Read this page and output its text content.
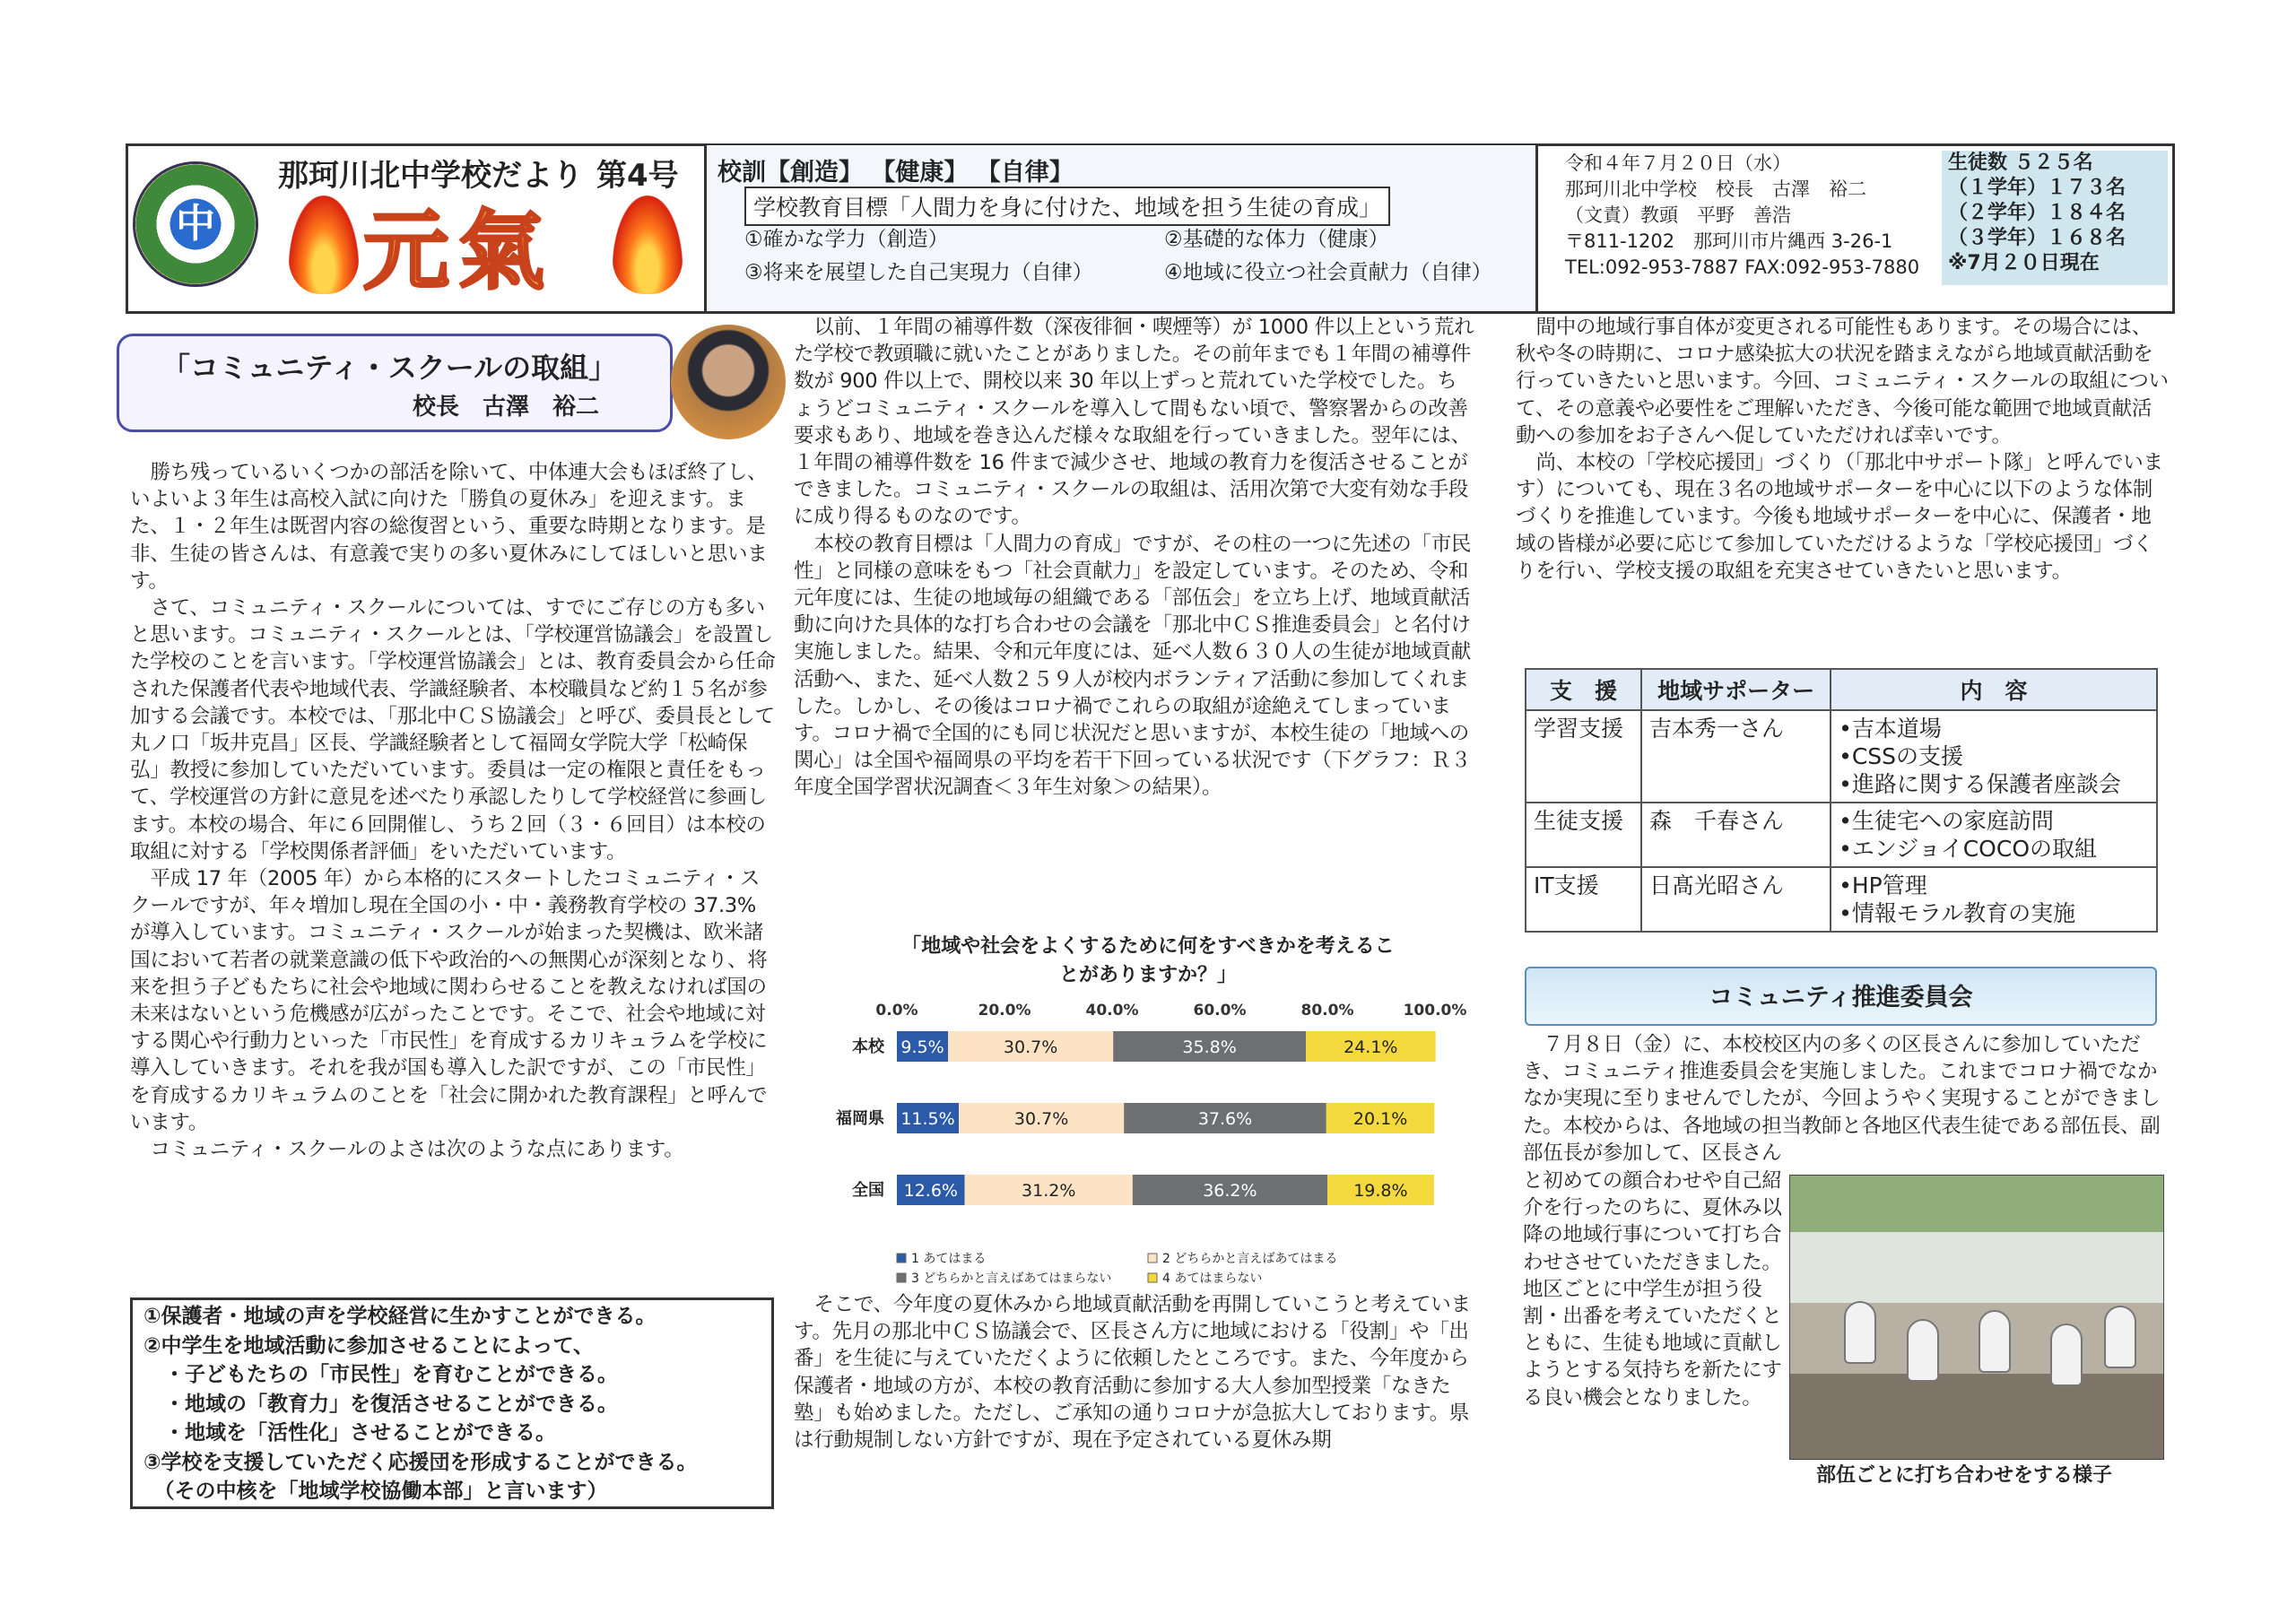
中
那珂川北中学校だより 第4号
元氣
校訓【創造】 【健康】 【自律】
学校教育目標「人間力を身に付けた、地域を担う生徒の育成」
①確かな学力（創造）	②基礎的な体力（健康）
③将来を展望した自己実現力（自律）	④地域に役立つ社会貢献力（自律）
令和４年７月２０日（水）
那珂川北中学校　校長　古澤　裕二
（文責）教頭　平野　善浩
〒811-1202　那珂川市片縄西 3-26-1
TEL:092-953-7887 FAX:092-953-7880
生徒数 ５２５名
（１学年）１７３名
（２学年）１８４名
（３学年）１６８名
※7月２０日現在
「コミュニティ・スクールの取組」
校長　古澤　裕二

勝ち残っているいくつかの部活を除いて、中体連大会もほぼ終了し、いよいよ３年生は高校入試に向けた「勝負の夏休み」を迎えます。また、１・２年生は既習内容の総復習という、重要な時期となります。是非、生徒の皆さんは、有意義で実りの多い夏休みにしてほしいと思います。

さて、コミュニティ・スクールについては、すでにご存じの方も多いと思います。コミュニティ・スクールとは、「学校運営協議会」を設置した学校のことを言います。「学校運営協議会」とは、教育委員会から任命された保護者代表や地域代表、学識経験者、本校職員など約１５名が参加する会議です。本校では、「那北中ＣＳ協議会」と呼び、委員長として丸ノ口「坂井克昌」区長、学識経験者として福岡女学院大学「松崎保弘」教授に参加していただいています。委員は一定の権限と責任をもって、学校運営の方針に意見を述べたり承認したりして学校経営に参画します。本校の場合、年に６回開催し、うち２回（３・６回目）は本校の取組に対する「学校関係者評価」をいただいています。

平成 17 年（2005 年）から本格的にスタートしたコミュニティ・スクールですが、年々増加し現在全国の小・中・義務教育学校の 37.3%が導入しています。コミュニティ・スクールが始まった契機は、欧米諸国において若者の就業意識の低下や政治的への無関心が深刻となり、将来を担う子どもたちに社会や地域に関わらせることを教えなければ国の未来はないという危機感が広がったことです。そこで、社会や地域に対する関心や行動力といった「市民性」を育成するカリキュラムを学校に導入していきます。それを我が国も導入した訳ですが、この「市民性」を育成するカリキュラムのことを「社会に開かれた教育課程」と呼んでいます。

コミュニティ・スクールのよさは次のような点にあります。

①保護者・地域の声を学校経営に生かすことができる。
②中学生を地域活動に参加させることによって、
　・子どもたちの「市民性」を育むことができる。
　・地域の「教育力」を復活させることができる。
　・地域を「活性化」させることができる。
③学校を支援していただく応援団を形成することができる。
　（その中核を「地域学校協働本部」と言います）

以前、１年間の補導件数（深夜徘徊・喫煙等）が 1000 件以上という荒れた学校で教頭職に就いたことがありました。その前年までも１年間の補導件数が 900 件以上で、開校以来 30 年以上ずっと荒れていた学校でした。ちょうどコミュニティ・スクールを導入して間もない頃で、警察署からの改善要求もあり、地域を巻き込んだ様々な取組を行っていきました。翌年には、１年間の補導件数を 16 件まで減少させ、地域の教育力を復活させることができました。コミュニティ・スクールの取組は、活用次第で大変有効な手段に成り得るものなのです。

本校の教育目標は「人間力の育成」ですが、その柱の一つに先述の「市民性」と同様の意味をもつ「社会貢献力」を設定しています。そのため、令和元年度には、生徒の地域毎の組織である「部伍会」を立ち上げ、地域貢献活動に向けた具体的な打ち合わせの会議を「那北中ＣＳ推進委員会」と名付け実施しました。結果、令和元年度には、延べ人数６３０人の生徒が地域貢献活動へ、また、延べ人数２５９人が校内ボランティア活動に参加してくれました。しかし、その後はコロナ禍でこれらの取組が途絶えてしまっています。コロナ禍で全国的にも同じ状況だと思いますが、本校生徒の「地域への関心」は全国や福岡県の平均を若干下回っている状況です（下グラフ：Ｒ３年度全国学習状況調査＜３年生対象＞の結果）。

「地域や社会をよくするために何をすべきかを考えることがありますか？」
0.0%	20.0%	40.0%	60.0%	80.0%	100.0%
本校 9.5%	30.7%	35.8%	24.1%
福岡県 11.5%	30.7%	37.6%	20.1%
全国 12.6%	31.2%	36.2%	19.8%
1 あてはまる	2 どちらかと言えばあてはまる
3 どちらかと言えばあてはまらない	4 あてはまらない

そこで、今年度の夏休みから地域貢献活動を再開していこうと考えています。先月の那北中ＣＳ協議会で、区長さん方に地域における「役割」や「出番」を生徒に与えていただくように依頼したところです。また、今年度から保護者・地域の方が、本校の教育活動に参加する大人参加型授業「なきた塾」も始めました。ただし、ご承知の通りコロナが急拡大しております。県は行動規制しない方針ですが、現在予定されている夏休み期

間中の地域行事自体が変更される可能性もあります。その場合には、秋や冬の時期に、コロナ感染拡大の状況を踏まえながら地域貢献活動を行っていきたいと思います。今回、コミュニティ・スクールの取組について、その意義や必要性をご理解いただき、今後可能な範囲で地域貢献活動への参加をお子さんへ促していただければ幸いです。

尚、本校の「学校応援団」づくり（「那北中サポート隊」と呼んでいます）についても、現在３名の地域サポーターを中心に以下のような体制づくりを推進しています。今後も地域サポーターを中心に、保護者・地域の皆様が必要に応じて参加していただけるような「学校応援団」づくりを行い、学校支援の取組を充実させていきたいと思います。

支　援	地域サポーター	内　容
学習支援	吉本秀一さん	•吉本道場
•CSSの支援
•進路に関する保護者座談会

生徒支援	森　千春さん	•生徒宅への家庭訪問
•エンジョイCOCOの取組

IT支援	日髙光昭さん	•HP管理
•情報モラル教育の実施
コミュニティ推進委員会

７月８日（金）に、本校校区内の多くの区長さんに参加していただき、コミュニティ推進委員会を実施しました。これまでコロナ禍でなかなか実現に至りませんでしたが、今回ようやく実現することができました。本校からは、各地域の担当教師と各地区代表生徒である部伍長、副部伍長が参加して、区長さん

と初めての顔合わせや自己紹介を行ったのちに、夏休み以降の地域行事について打ち合わせさせていただきました。地区ごとに中学生が担う役割・出番を考えていただくとともに、生徒も地域に貢献しようとする気持ちを新たにする良い機会となりました。
部伍ごとに打ち合わせをする様子
